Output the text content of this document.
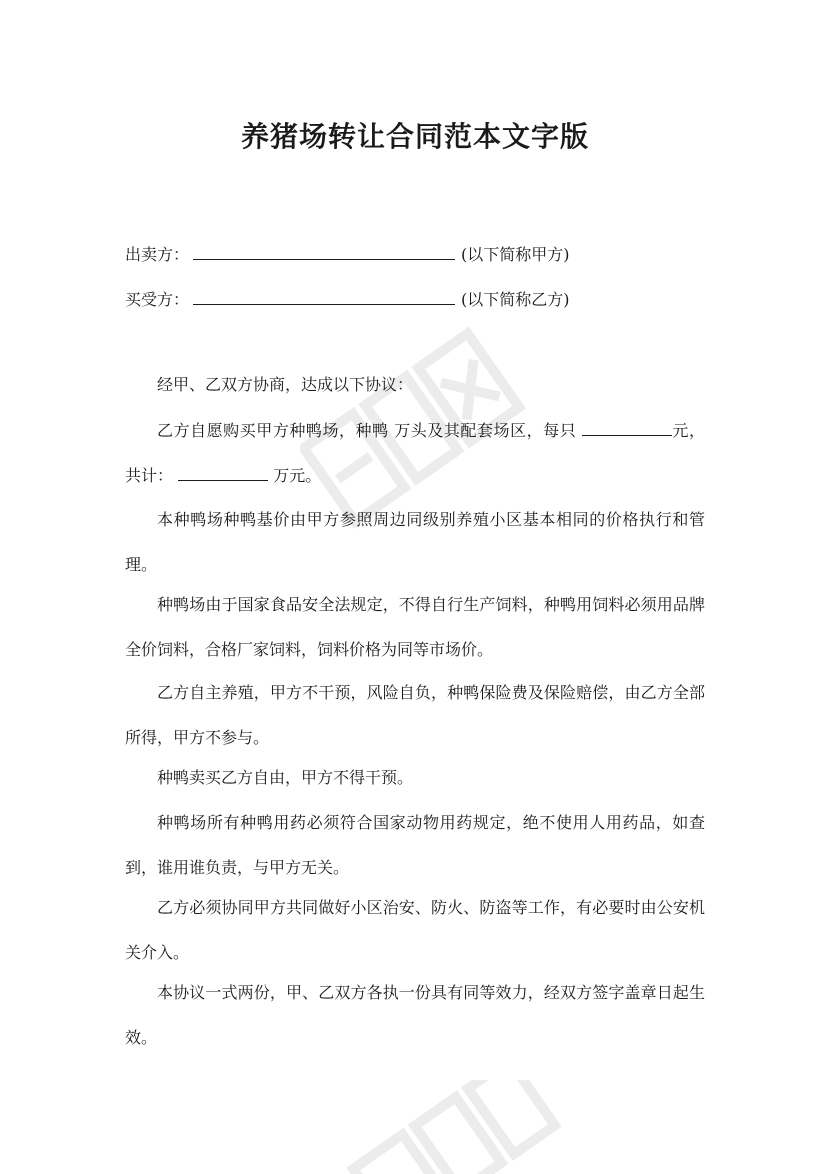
养猪场转让合同范本文字版
出卖方：	(以下简称甲方)
买受方：	(以下简称乙方)
经甲、乙双方协商，达成以下协议：
乙方自愿购买甲方种鸭场，种鸭 万头及其配套场区，每只	元，共计：	万元。
本种鸭场种鸭基价由甲方参照周边同级别养殖小区基本相同的价格执行和管理。
种鸭场由于国家食品安全法规定，不得自行生产饲料，种鸭用饲料必须用品牌全价饲料，合格厂家饲料，饲料价格为同等市场价。
乙方自主养殖，甲方不干预，风险自负，种鸭保险费及保险赔偿，由乙方全部所得，甲方不参与。
种鸭卖买乙方自由，甲方不得干预。
种鸭场所有种鸭用药必须符合国家动物用药规定，绝不使用人用药品，如查到，谁用谁负责，与甲方无关。
乙方必须协同甲方共同做好小区治安、防火、防盗等工作，有必要时由公安机关介入。
本协议一式两份，甲、乙双方各执一份具有同等效力，经双方签字盖章日起生效。
